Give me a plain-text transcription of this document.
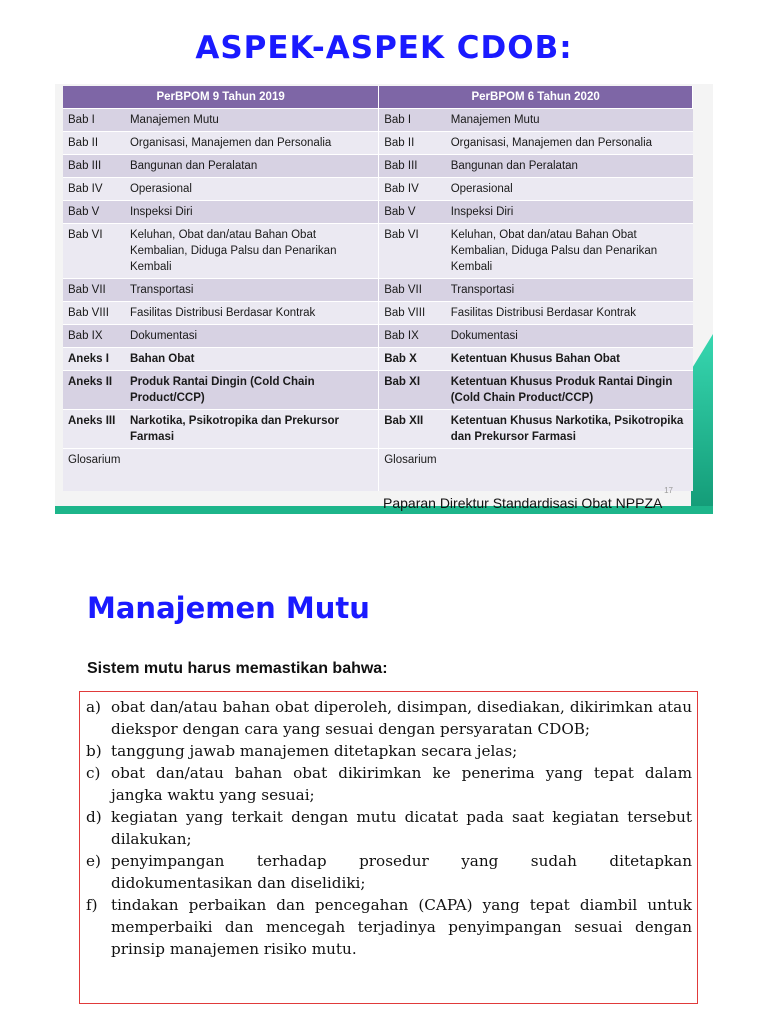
ASPEK-ASPEK CDOB:
PerBPOM 9 Tahun 2019		PerBPOM 6 Tahun 2020	
Bab I	Manajemen Mutu	Bab I	Manajemen Mutu
Bab II	Organisasi, Manajemen dan Personalia	Bab II	Organisasi, Manajemen dan Personalia
Bab III	Bangunan dan Peralatan	Bab III	Bangunan dan Peralatan
Bab IV	Operasional	Bab IV	Operasional
Bab V	Inspeksi Diri	Bab V	Inspeksi Diri
Bab VI	Keluhan, Obat dan/atau Bahan Obat Kembalian, Diduga Palsu dan Penarikan Kembali	Bab VI	Keluhan, Obat dan/atau Bahan Obat Kembalian, Diduga Palsu dan Penarikan Kembali
Bab VII	Transportasi	Bab VII	Transportasi
Bab VIII	Fasilitas Distribusi Berdasar Kontrak	Bab VIII	Fasilitas Distribusi Berdasar Kontrak
Bab IX	Dokumentasi	Bab IX	Dokumentasi
Aneks I	Bahan Obat	Bab X	Ketentuan Khusus Bahan Obat
Aneks II	Produk Rantai Dingin (Cold Chain Product/CCP)	Bab XI	Ketentuan Khusus Produk Rantai Dingin (Cold Chain Product/CCP)
Aneks III	Narkotika, Psikotropika dan Prekursor Farmasi	Bab XII	Ketentuan Khusus Narkotika, Psikotropika dan Prekursor Farmasi
Glosarium		Glosarium	
17
Paparan Direktur Standardisasi Obat NPPZA
Manajemen Mutu
Sistem mutu harus memastikan bahwa:
a) obat dan/atau bahan obat diperoleh, disimpan, disediakan, dikirimkan atau diekspor dengan cara yang sesuai dengan persyaratan CDOB;
b) tanggung jawab manajemen ditetapkan secara jelas;
c) obat dan/atau bahan obat dikirimkan ke penerima yang tepat dalam jangka waktu yang sesuai;
d) kegiatan yang terkait dengan mutu dicatat pada saat kegiatan tersebut dilakukan;
e) penyimpangan terhadap prosedur yang sudah ditetapkan didokumentasikan dan diselidiki;
f) tindakan perbaikan dan pencegahan (CAPA) yang tepat diambil untuk memperbaiki dan mencegah terjadinya penyimpangan sesuai dengan prinsip manajemen risiko mutu.
